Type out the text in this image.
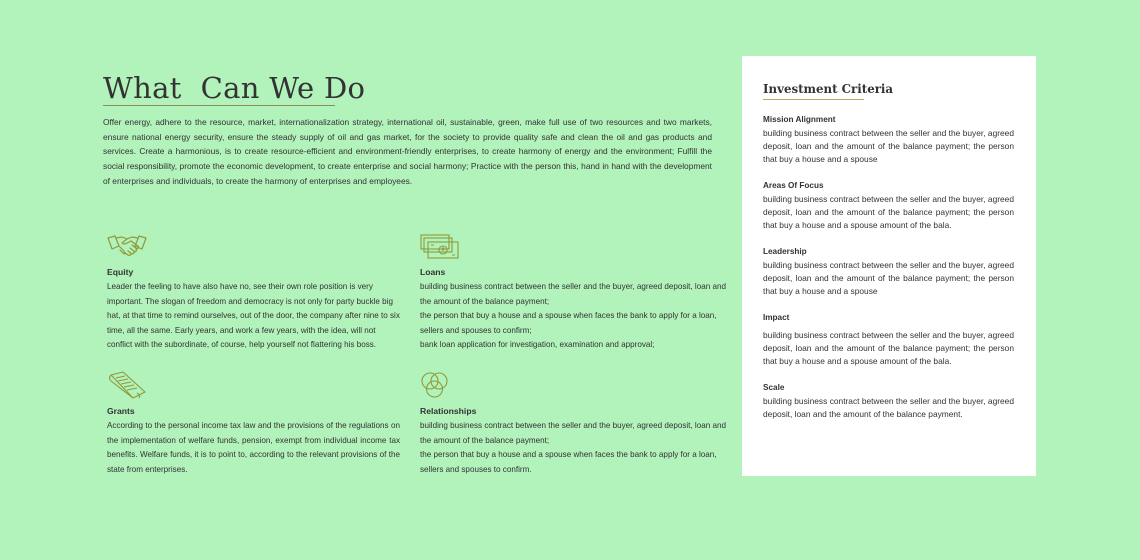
What  Can We Do

Offer energy, adhere to the resource, market, internationalization strategy, international oil, sustainable, green, make full use of two resources and two markets, ensure national energy security, ensure the steady supply of oil and gas market, for the society to provide quality safe and clean the oil and gas products and services. Create a harmonious, is to create resource-efficient and environment-friendly enterprises, to create harmony of energy and the environment; Fulfill the social responsibility, promote the economic development, to create enterprise and social harmony; Practice with the person this, hand in hand with the development of enterprises and individuals, to create the harmony of enterprises and employees.

Equity

Leader the feeling to have also have no, see their own role position is very important. The slogan of freedom and democracy is not only for party buckle big hat, at that time to remind ourselves, out of the door, the company after nine to six time, all the same. Early years, and work a few years, with the idea, will not conflict with the subordinate, of course, help yourself not flattering his boss.

Loans

building business contract between the seller and the buyer, agreed deposit, loan and the amount of the balance payment;

the person that buy a house and a spouse when faces the bank to apply for a loan, sellers and spouses to confirm;

bank loan application for investigation, examination and approval;

Grants

According to the personal income tax law and the provisions of the regulations on the implementation of welfare funds, pension, exempt from individual income tax benefits. Welfare funds, it is to point to, according to the relevant provisions of the state from enterprises.

Relationships

building business contract between the seller and the buyer, agreed deposit, loan and the amount of the balance payment;

the person that buy a house and a spouse when faces the bank to apply for a loan, sellers and spouses to confirm.

Investment Criteria
Mission Alignment

building business contract between the seller and the buyer, agreed deposit, loan and the amount of the balance payment; the person that buy a house and a spouse

Areas Of Focus

building business contract between the seller and the buyer, agreed deposit, loan and the amount of the balance payment; the person that buy a house and a spouse amount of the bala.

Leadership

building business contract between the seller and the buyer, agreed deposit, loan and the amount of the balance payment; the person that buy a house and a spouse

Impact

building business contract between the seller and the buyer, agreed deposit, loan and the amount of the balance payment; the person that buy a house and a spouse amount of the bala.

Scale

building business contract between the seller and the buyer, agreed deposit, loan and the amount of the balance payment.
